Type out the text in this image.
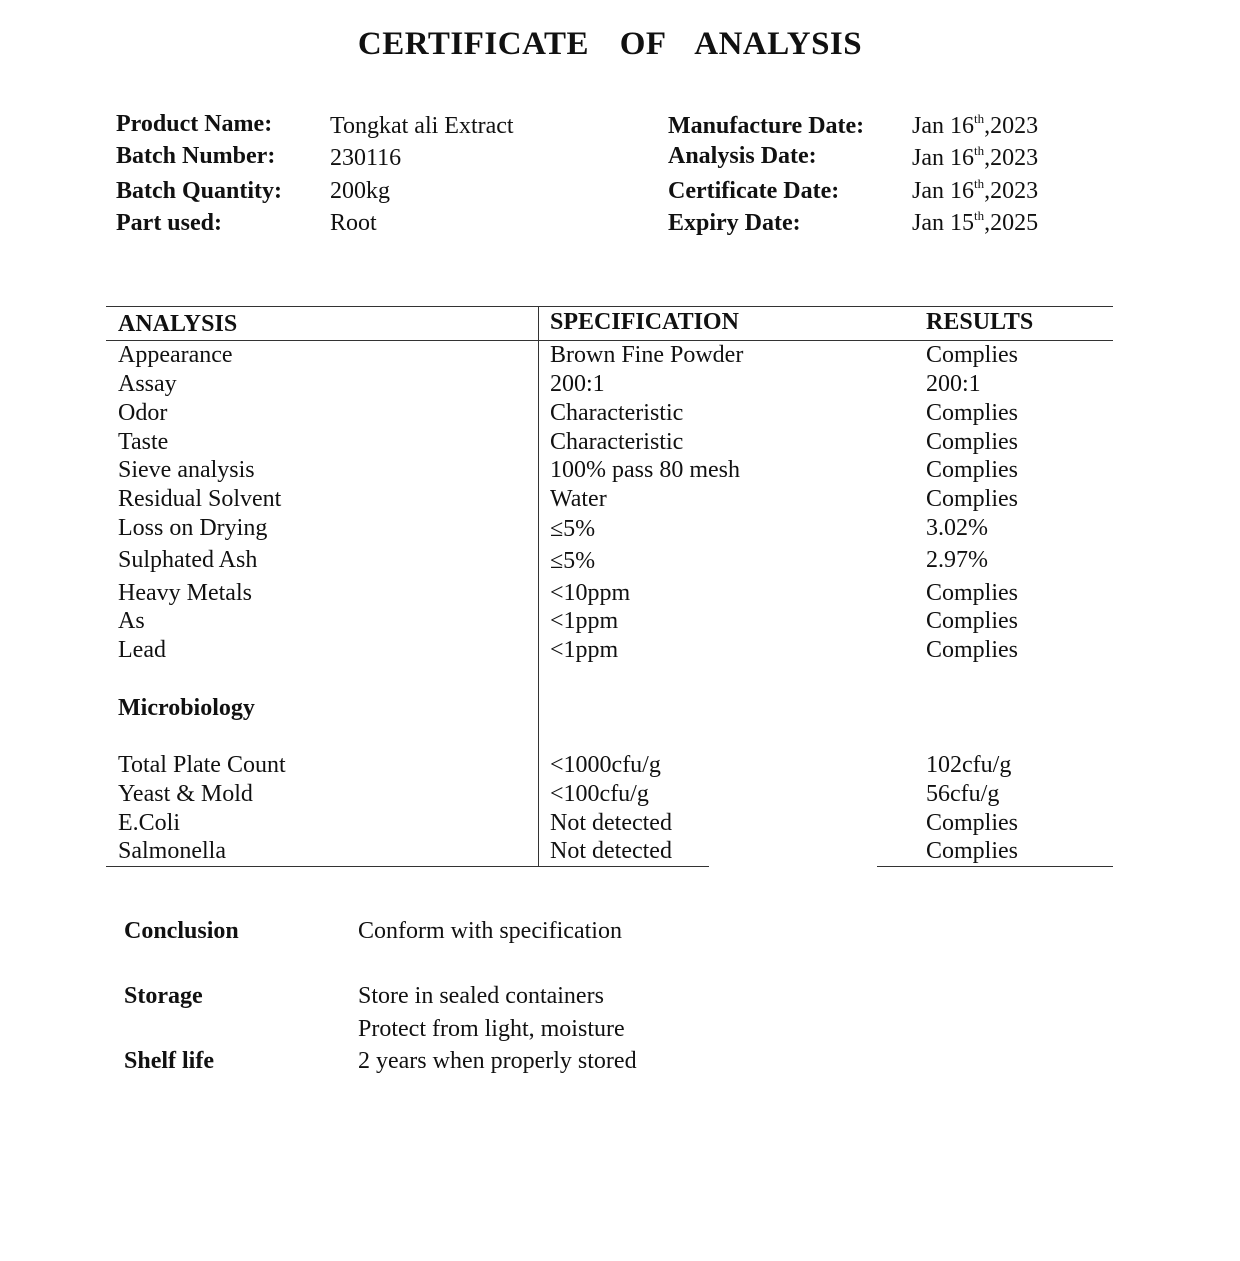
CERTIFICATE OF ANALYSIS
Product Name: Tongkat ali Extract
Batch Number: 230116
Batch Quantity: 200kg
Part used:	Root
Manufacture Date: Jan 16th,2023
Analysis Date:	Jan 16th,2023
Certificate Date:	Jan 16th,2023
Expiry Date:	Jan 15th,2025
ANALYSIS	SPECIFICATION	RESULTS
Appearance	Brown Fine Powder	Complies
Assay	200:1	200:1
Odor	Characteristic	Complies
Taste	Characteristic	Complies
Sieve analysis	100% pass 80 mesh	Complies
Residual Solvent	Water	Complies
Loss on Drying	≤5%	3.02%
Sulphated Ash	≤5%	2.97%
Heavy Metals	<10ppm	Complies
As	<1ppm	Complies
Lead	<1ppm	Complies
Microbiology
Total Plate Count	<1000cfu/g	102cfu/g
Yeast & Mold	<100cfu/g	56cfu/g
E.Coli	Not detected	Complies
Salmonella	Not detected	Complies
Conclusion	Conform with specification
Storage	Store in sealed containers
Protect from light, moisture
Shelf life	2 years when properly stored
